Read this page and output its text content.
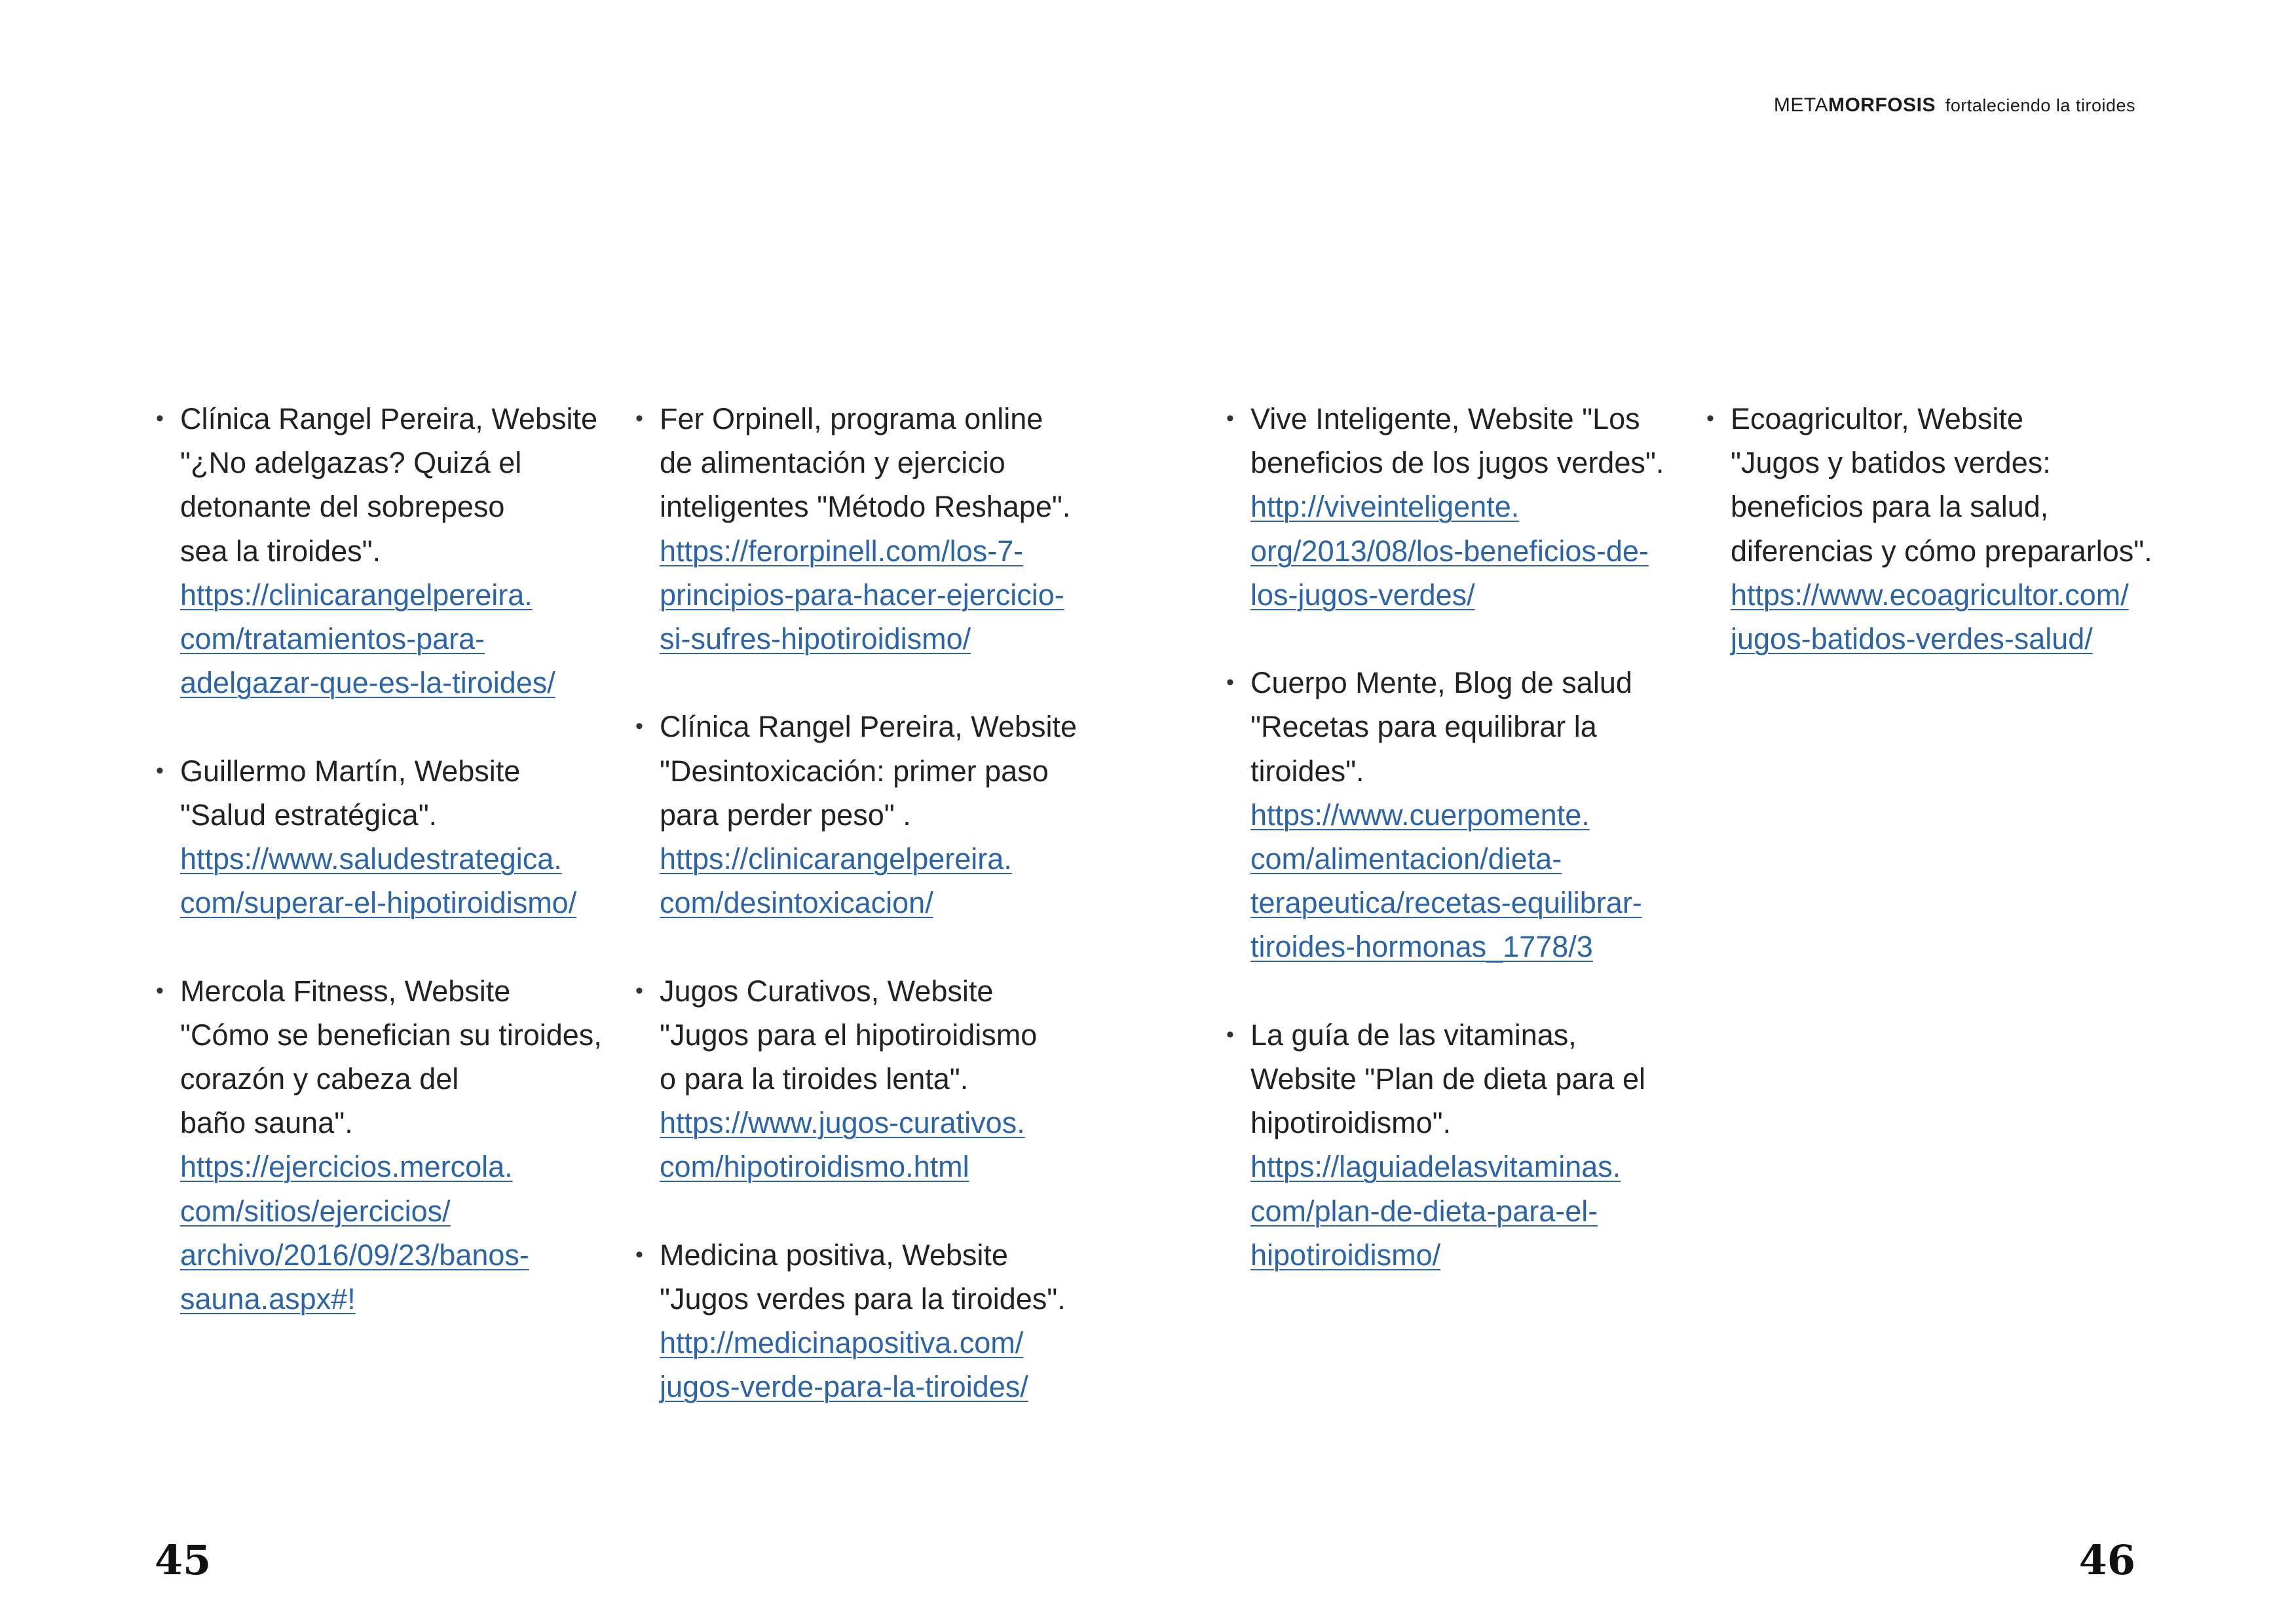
METAMORFOSIS fortaleciendo la tiroides
• Clínica Rangel Pereira, Website
"¿No adelgazas? Quizá el
detonante del sobrepeso
sea la tiroides".
https://clinicarangelpereira.
com/tratamientos-para-
adelgazar-que-es-la-tiroides/
• Guillermo Martín, Website
"Salud estratégica".
https://www.saludestrategica.
com/superar-el-hipotiroidismo/
• Mercola Fitness, Website
"Cómo se benefician su tiroides,
corazón y cabeza del
baño sauna".
https://ejercicios.mercola.
com/sitios/ejercicios/
archivo/2016/09/23/banos-
sauna.aspx#!
• Fer Orpinell, programa online
de alimentación y ejercicio
inteligentes "Método Reshape".
https://ferorpinell.com/los-7-
principios-para-hacer-ejercicio-
si-sufres-hipotiroidismo/
• Clínica Rangel Pereira, Website
"Desintoxicación: primer paso
para perder peso" .
https://clinicarangelpereira.
com/desintoxicacion/
• Jugos Curativos, Website
"Jugos para el hipotiroidismo
o para la tiroides lenta".
https://www.jugos-curativos.
com/hipotiroidismo.html
• Medicina positiva, Website
"Jugos verdes para la tiroides".
http://medicinapositiva.com/
jugos-verde-para-la-tiroides/
• Vive Inteligente, Website "Los
beneficios de los jugos verdes".
http://viveinteligente.
org/2013/08/los-beneficios-de-
los-jugos-verdes/
• Cuerpo Mente, Blog de salud
"Recetas para equilibrar la
tiroides".
https://www.cuerpomente.
com/alimentacion/dieta-
terapeutica/recetas-equilibrar-
tiroides-hormonas_1778/3
• La guía de las vitaminas,
Website "Plan de dieta para el
hipotiroidismo".
https://laguiadelasvitaminas.
com/plan-de-dieta-para-el-
hipotiroidismo/
• Ecoagricultor, Website
"Jugos y batidos verdes:
beneficios para la salud,
diferencias y cómo prepararlos".
https://www.ecoagricultor.com/
jugos-batidos-verdes-salud/
45	46
